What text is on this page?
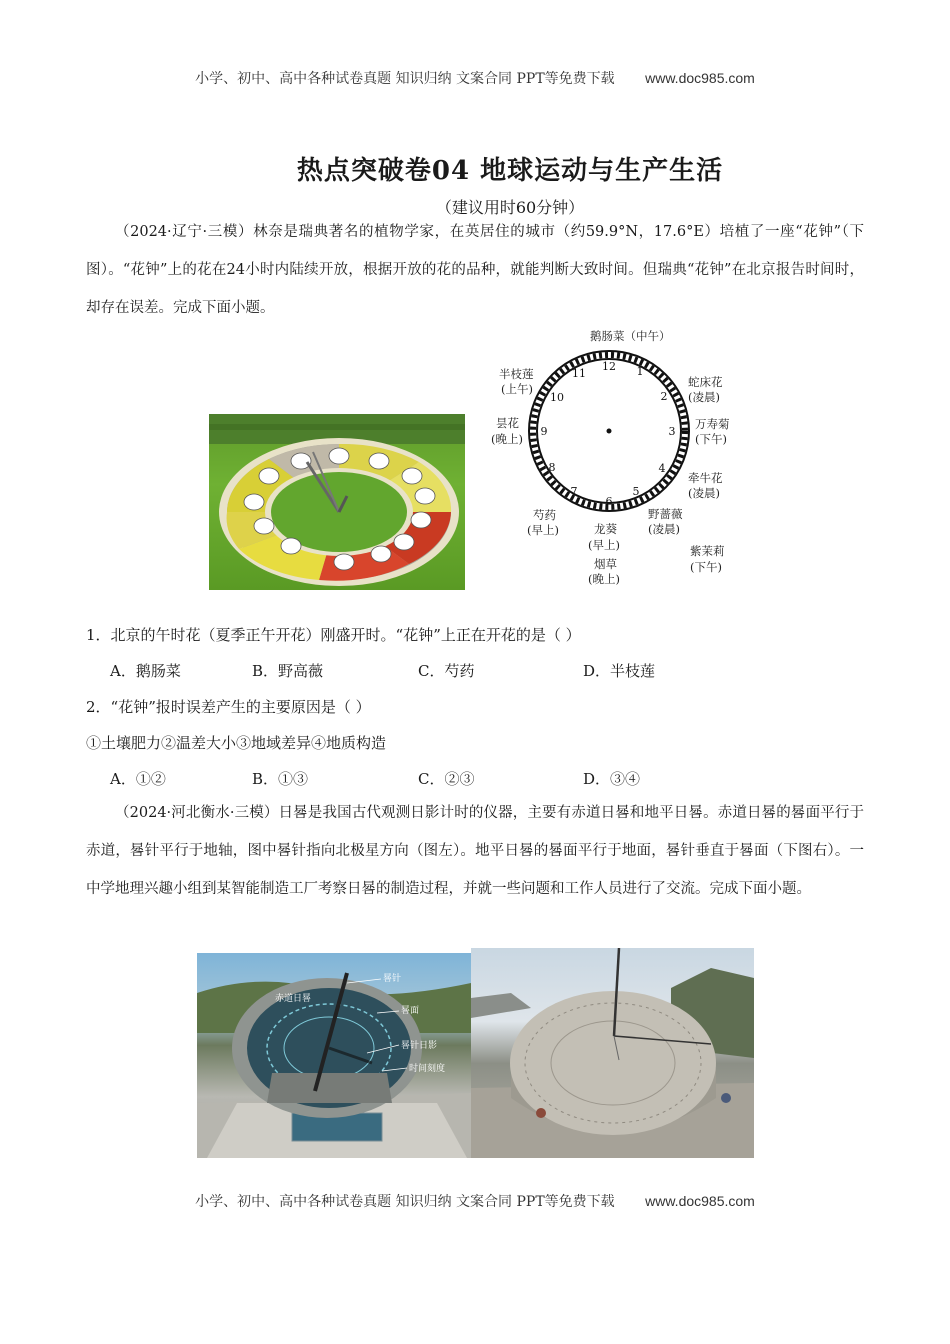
小学、初中、高中各种试卷真题 知识归纳 文案合同 PPT等免费下载 www.doc985.com
热点突破卷04 地球运动与生产生活
（建议用时60分钟）
（2024·辽宁·三模）林奈是瑞典著名的植物学家，在英居住的城市（约59.9°N，17.6°E）培植了一座“花钟”（下图）。“花钟”上的花在24小时内陆续开放，根据开放的花的品种，就能判断大致时间。但瑞典“花钟”在北京报告时间时，却存在误差。完成下面小题。
12 1
2
3
4
5
6
7
8
9
10
11
鹅肠菜（中午）
半枝莲
(上午)	蛇床花
(凌晨)
昙花
(晚上)
万寿菊
(下午)
牵牛花
(凌晨)
芍药
(早上)
野蔷薇
(凌晨)
龙葵
(早上)
烟草
(晚上)
紫茉莉
(下午)
1．北京的午时花（夏季正午开花）刚盛开时。“花钟”上正在开花的是（ ）
A．鹅肠菜	B．野高薇	C．芍药	D．半枝莲
2．“花钟”报时误差产生的主要原因是（ ）
①土壤肥力②温差大小③地域差异④地质构造
A．①②	B．①③	C．②③	D．③④
（2024·河北衡水·三模）日晷是我国古代观测日影计时的仪器，主要有赤道日晷和地平日晷。赤道日晷的晷面平行于赤道，晷针平行于地轴，图中晷针指向北极星方向（图左）。地平日晷的晷面平行于地面，晷针垂直于晷面（下图右）。一中学地理兴趣小组到某智能制造工厂考察日晷的制造过程，并就一些问题和工作人员进行了交流。完成下面小题。
晷针
赤道日晷
晷面
晷针日影
时间刻度
小学、初中、高中各种试卷真题 知识归纳 文案合同 PPT等免费下载 www.doc985.com
